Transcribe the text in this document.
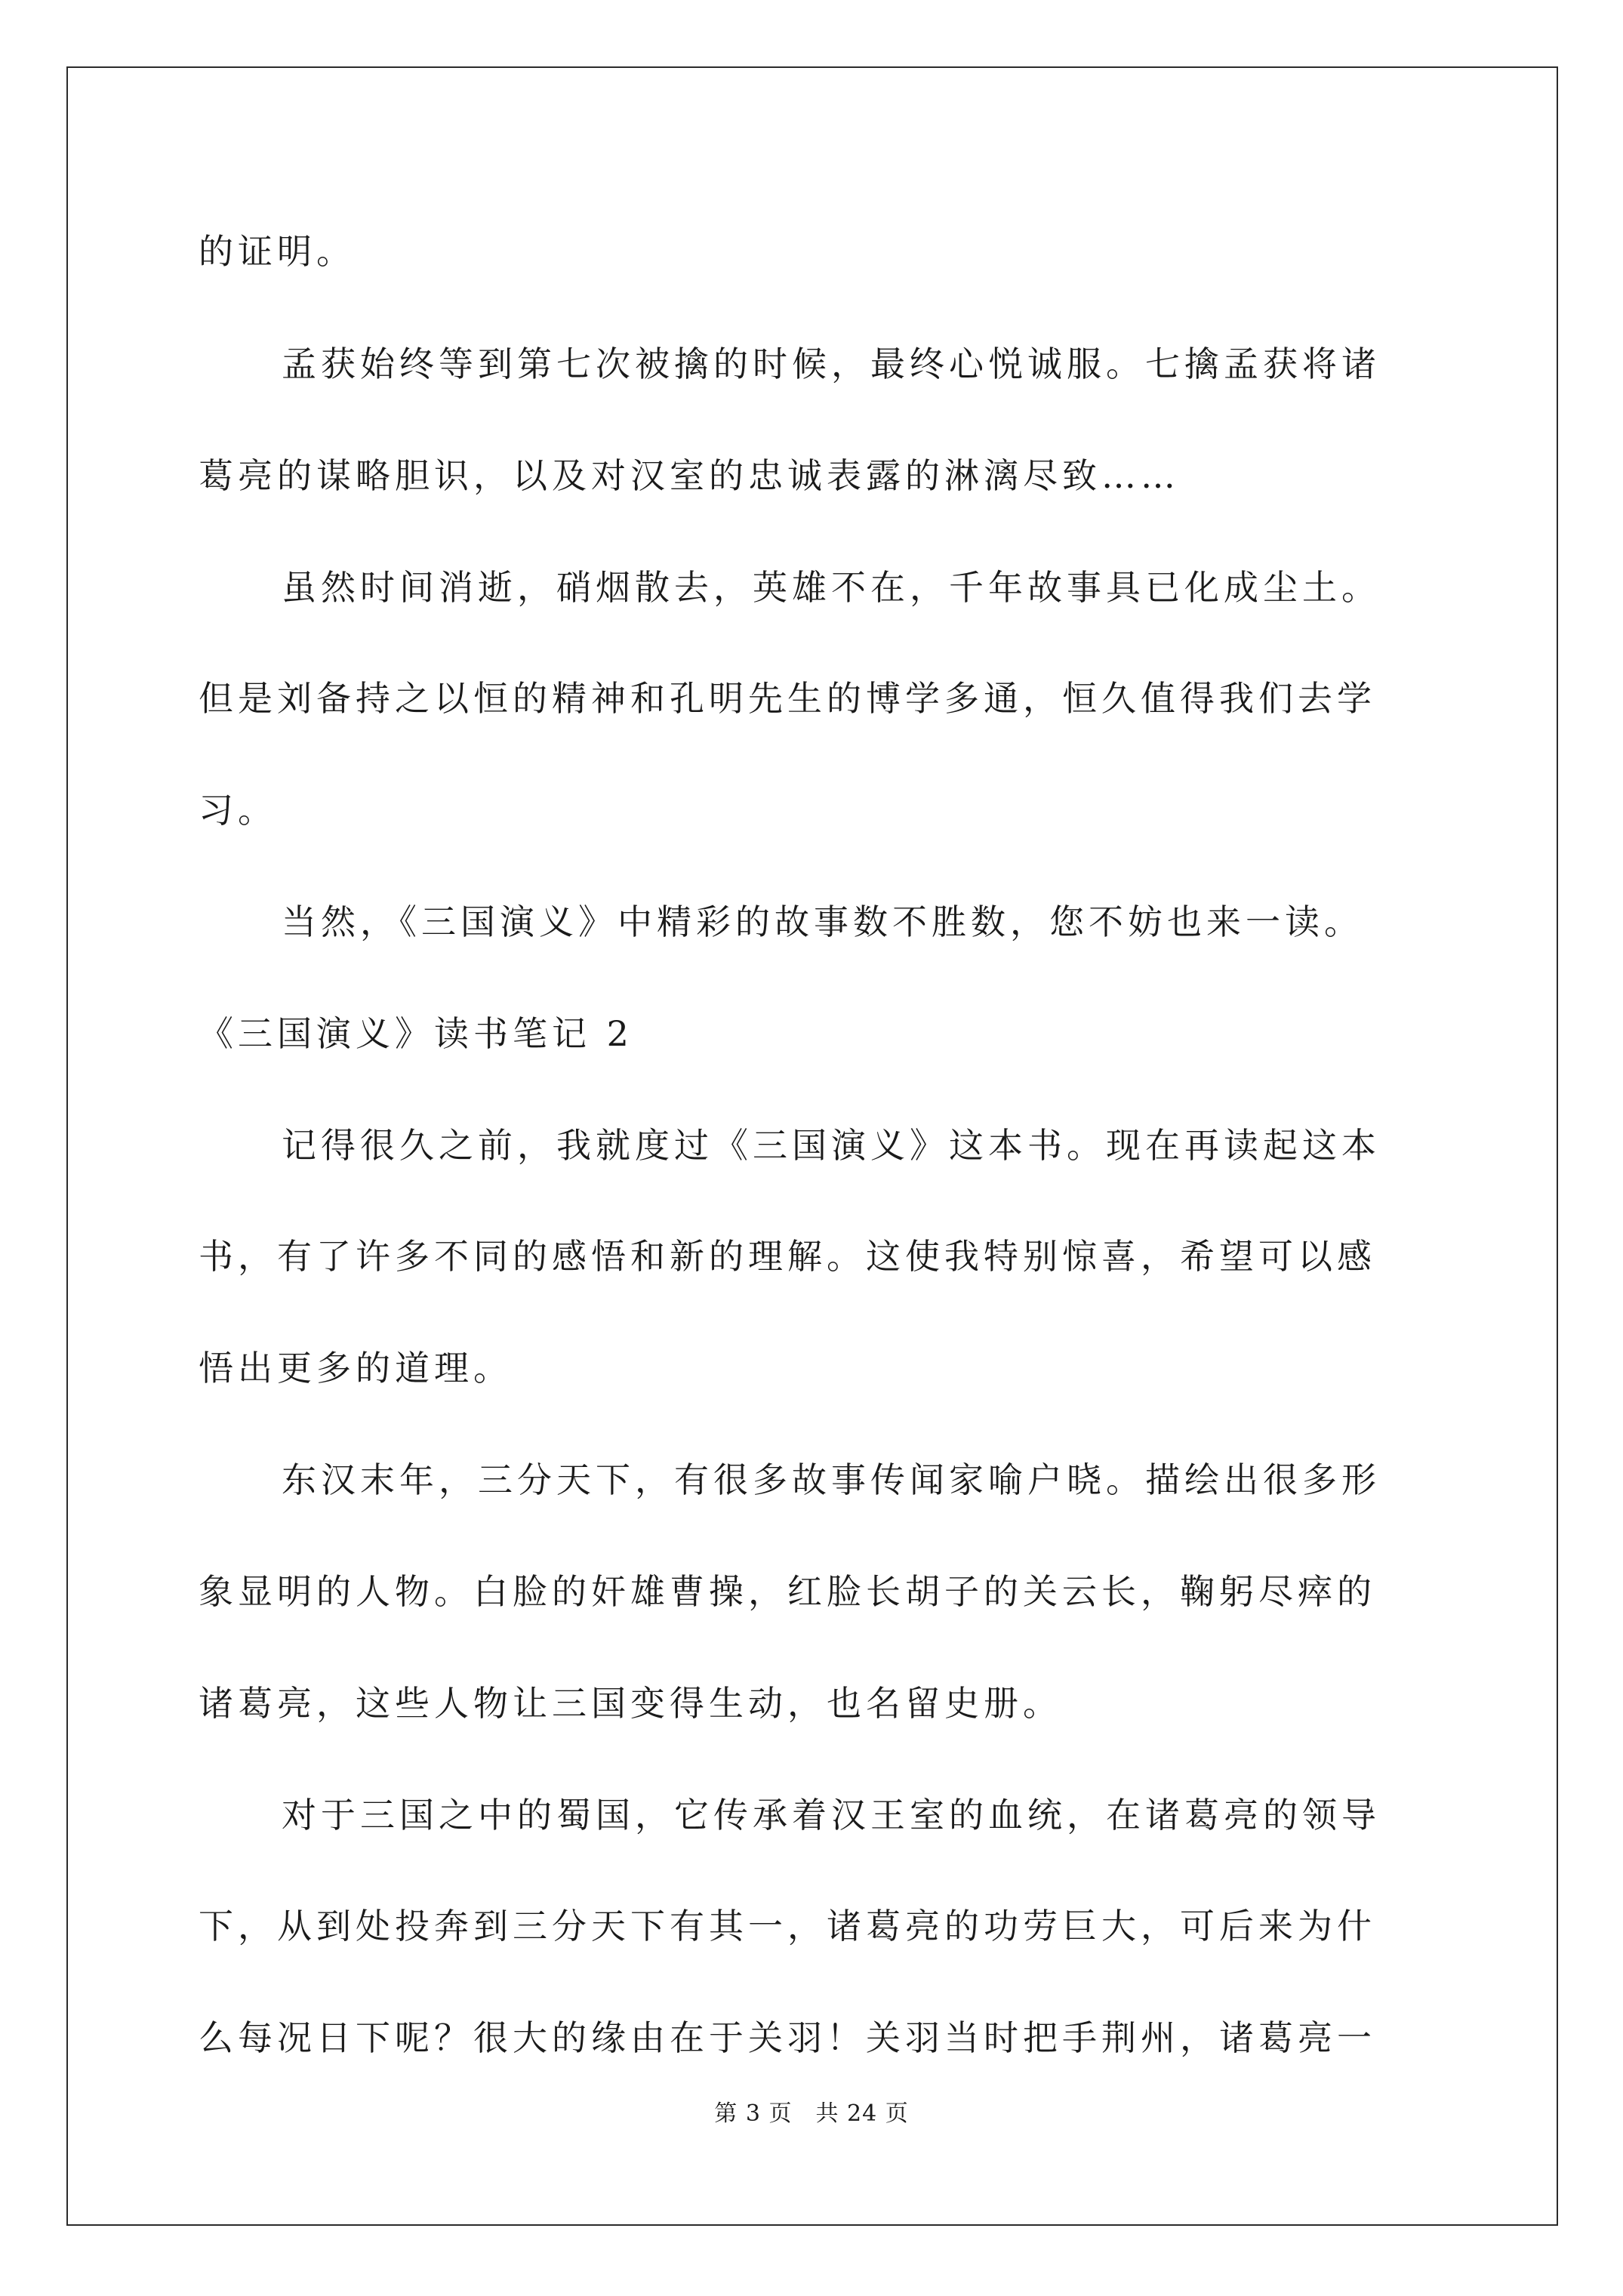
的证明。
孟获始终等到第七次被擒的时候，最终心悦诚服。七擒孟获将诸
葛亮的谋略胆识，以及对汉室的忠诚表露的淋漓尽致……
虽然时间消逝，硝烟散去，英雄不在，千年故事具已化成尘土。
但是刘备持之以恒的精神和孔明先生的博学多通，恒久值得我们去学
习。
当然，《三国演义》中精彩的故事数不胜数，您不妨也来一读。
《三国演义》读书笔记 2
记得很久之前，我就度过《三国演义》这本书。现在再读起这本
书，有了许多不同的感悟和新的理解。这使我特别惊喜，希望可以感
悟出更多的道理。
东汉末年，三分天下，有很多故事传闻家喻户晓。描绘出很多形
象显明的人物。白脸的奸雄曹操，红脸长胡子的关云长，鞠躬尽瘁的
诸葛亮，这些人物让三国变得生动，也名留史册。
对于三国之中的蜀国，它传承着汉王室的血统，在诸葛亮的领导
下，从到处投奔到三分天下有其一，诸葛亮的功劳巨大，可后来为什
么每况日下呢？很大的缘由在于关羽！关羽当时把手荆州，诸葛亮一
第 3 页　共 24 页
